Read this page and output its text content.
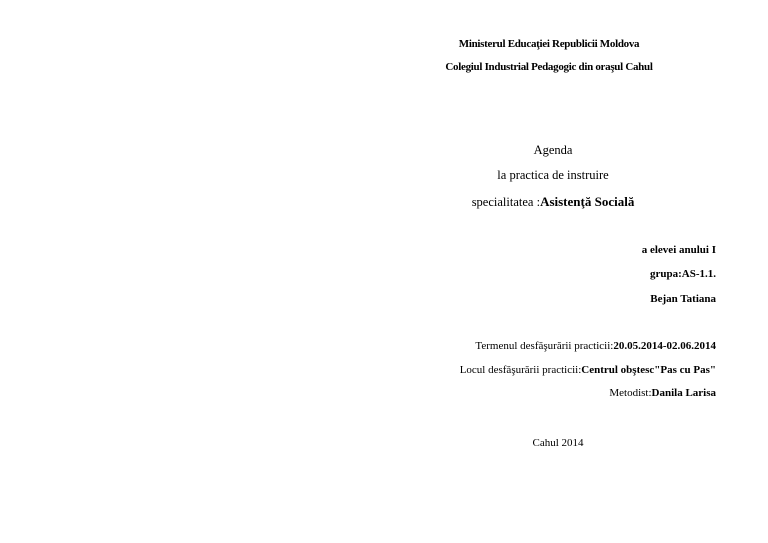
Ministerul Educaţiei Republicii Moldova
Colegiul Industrial Pedagogic din oraşul Cahul
Agenda
la practica de instruire
specialitatea :Asistenţă Socială
a elevei anului I
grupa:AS-1.1.
Bejan Tatiana
Termenul desfăşurării practicii:20.05.2014-02.06.2014
Locul desfăşurării practicii:Centrul obştesc"Pas cu Pas"
Metodist:Danila Larisa
Cahul 2014
